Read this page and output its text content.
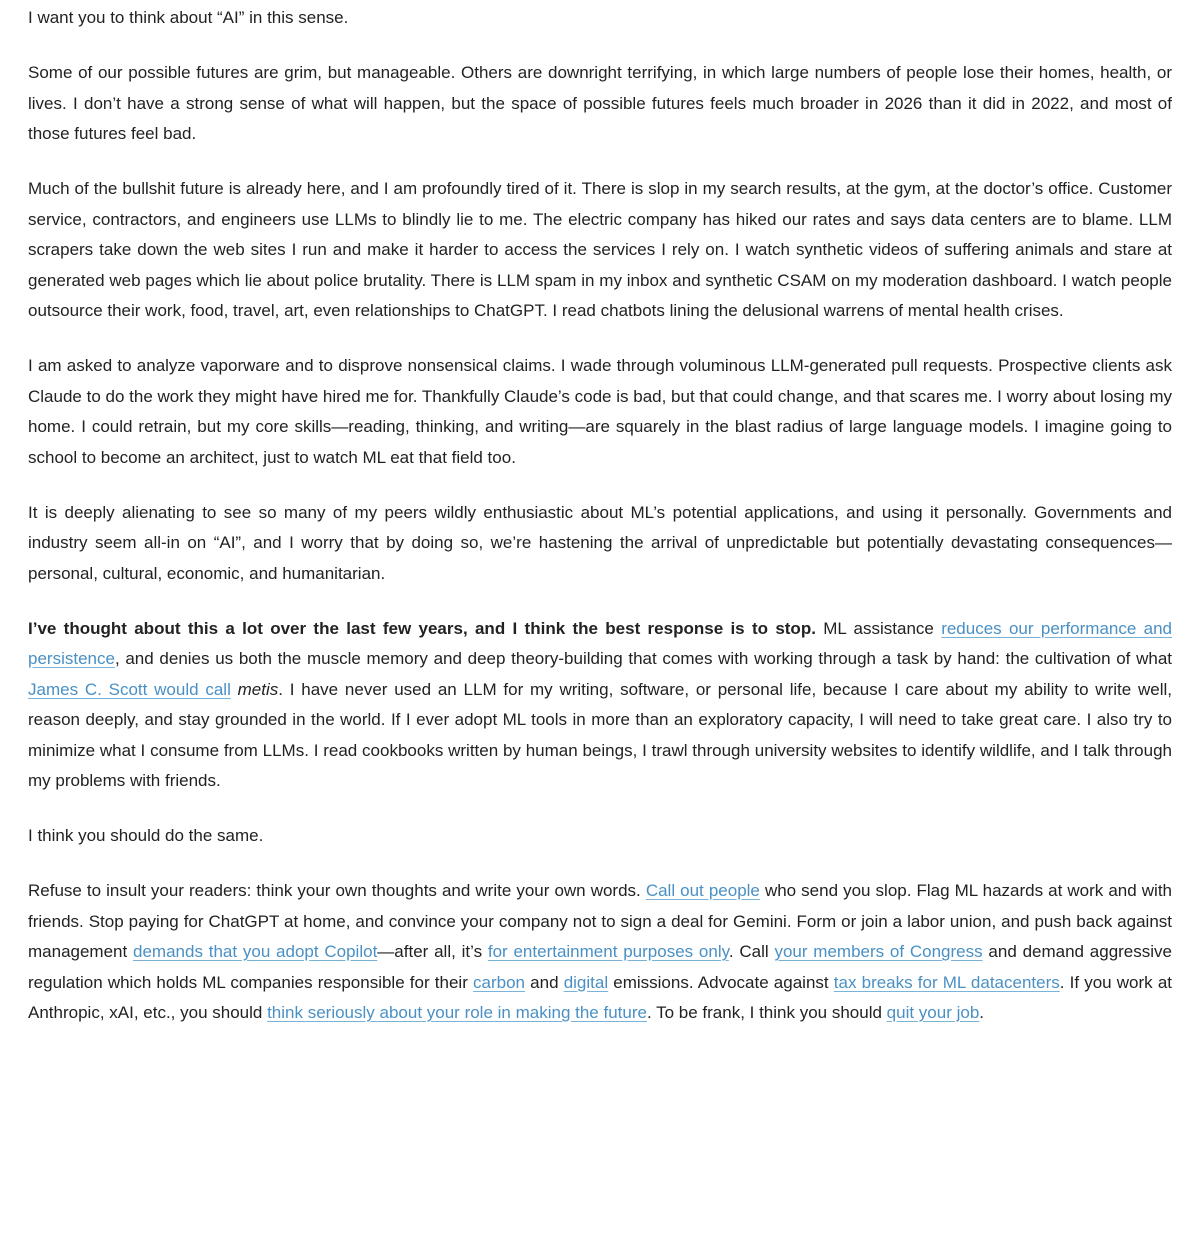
I want you to think about “AI” in this sense.

Some of our possible futures are grim, but manageable. Others are downright terrifying, in which large numbers of people lose their homes, health, or lives. I don’t have a strong sense of what will happen, but the space of possible futures feels much broader in 2026 than it did in 2022, and most of those futures feel bad.

Much of the bullshit future is already here, and I am profoundly tired of it. There is slop in my search results, at the gym, at the doctor’s office. Customer service, contractors, and engineers use LLMs to blindly lie to me. The electric company has hiked our rates and says data centers are to blame. LLM scrapers take down the web sites I run and make it harder to access the services I rely on. I watch synthetic videos of suffering animals and stare at generated web pages which lie about police brutality. There is LLM spam in my inbox and synthetic CSAM on my moderation dashboard. I watch people outsource their work, food, travel, art, even relationships to ChatGPT. I read chatbots lining the delusional warrens of mental health crises.

I am asked to analyze vaporware and to disprove nonsensical claims. I wade through voluminous LLM-generated pull requests. Prospective clients ask Claude to do the work they might have hired me for. Thankfully Claude’s code is bad, but that could change, and that scares me. I worry about losing my home. I could retrain, but my core skills—reading, thinking, and writing—are squarely in the blast radius of large language models. I imagine going to school to become an architect, just to watch ML eat that field too.

It is deeply alienating to see so many of my peers wildly enthusiastic about ML’s potential applications, and using it personally. Governments and industry seem all-in on “AI”, and I worry that by doing so, we’re hastening the arrival of unpredictable but potentially devastating consequences—personal, cultural, economic, and humanitarian.

I’ve thought about this a lot over the last few years, and I think the best response is to stop. ML assistance reduces our performance and persistence, and denies us both the muscle memory and deep theory-building that comes with working through a task by hand: the cultivation of what James C. Scott would call metis. I have never used an LLM for my writing, software, or personal life, because I care about my ability to write well, reason deeply, and stay grounded in the world. If I ever adopt ML tools in more than an exploratory capacity, I will need to take great care. I also try to minimize what I consume from LLMs. I read cookbooks written by human beings, I trawl through university websites to identify wildlife, and I talk through my problems with friends.

I think you should do the same.

Refuse to insult your readers: think your own thoughts and write your own words. Call out people who send you slop. Flag ML hazards at work and with friends. Stop paying for ChatGPT at home, and convince your company not to sign a deal for Gemini. Form or join a labor union, and push back against management demands that you adopt Copilot—after all, it’s for entertainment purposes only. Call your members of Congress and demand aggressive regulation which holds ML companies responsible for their carbon and digital emissions. Advocate against tax breaks for ML datacenters. If you work at Anthropic, xAI, etc., you should think seriously about your role in making the future. To be frank, I think you should quit your job.
